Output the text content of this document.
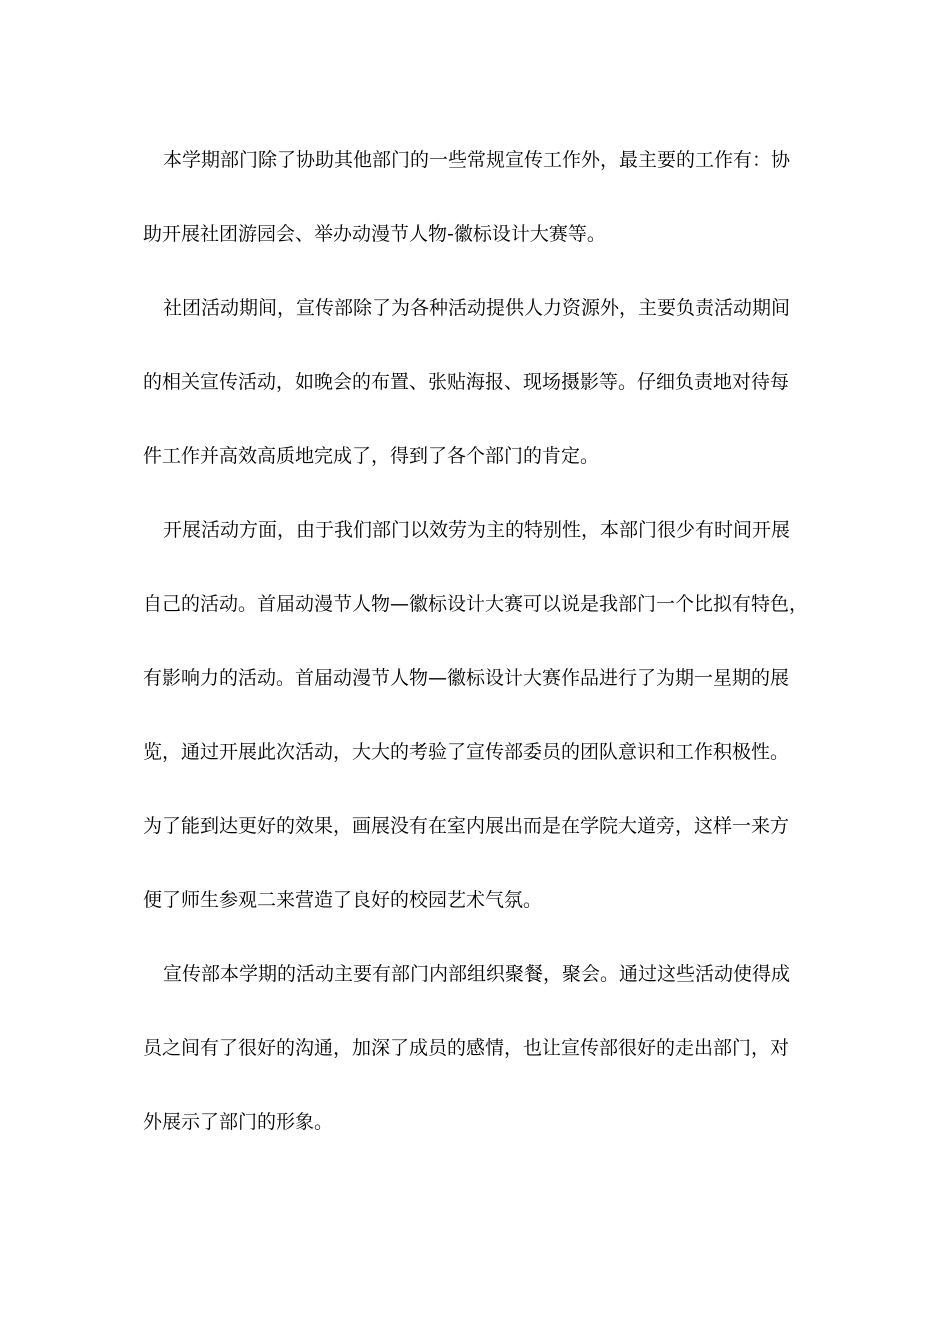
本学期部门除了协助其他部门的一些常规宣传工作外，最主要的工作有：协
助开展社团游园会、举办动漫节人物-徽标设计大赛等。
社团活动期间，宣传部除了为各种活动提供人力资源外，主要负责活动期间
的相关宣传活动，如晚会的布置、张贴海报、现场摄影等。仔细负责地对待每
件工作并高效高质地完成了，得到了各个部门的肯定。
开展活动方面，由于我们部门以效劳为主的特别性，本部门很少有时间开展
自己的活动。首届动漫节人物—徽标设计大赛可以说是我部门一个比拟有特色，
有影响力的活动。首届动漫节人物—徽标设计大赛作品进行了为期一星期的展
览，通过开展此次活动，大大的考验了宣传部委员的团队意识和工作积极性。
为了能到达更好的效果，画展没有在室内展出而是在学院大道旁，这样一来方
便了师生参观二来营造了良好的校园艺术气氛。
宣传部本学期的活动主要有部门内部组织聚餐，聚会。通过这些活动使得成
员之间有了很好的沟通，加深了成员的感情，也让宣传部很好的走出部门，对
外展示了部门的形象。
